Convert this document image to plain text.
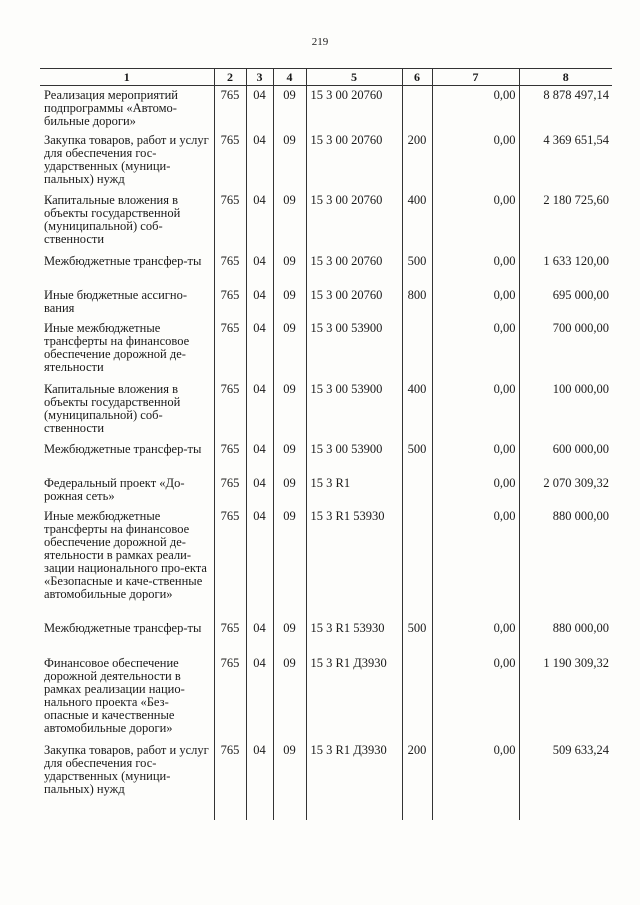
219
1	2	3	4	5	6	7	8
Реализация мероприятий подпрограммы «Автомо-бильные дороги»	765	04	09	15 3 00 20760		0,00	8 878 497,14
Закупка товаров, работ и услуг для обеспечения гос-ударственных (муници-пальных) нужд	765	04	09	15 3 00 20760	200	0,00	4 369 651,54
Капитальные вложения в объекты государственной (муниципальной) соб-ственности	765	04	09	15 3 00 20760	400	0,00	2 180 725,60
Межбюджетные трансфер-ты	765	04	09	15 3 00 20760	500	0,00	1 633 120,00
Иные бюджетные ассигно-вания	765	04	09	15 3 00 20760	800	0,00	695 000,00
Иные межбюджетные трансферты на финансовое обеспечение дорожной де-ятельности	765	04	09	15 3 00 53900		0,00	700 000,00
Капитальные вложения в объекты государственной (муниципальной) соб-ственности	765	04	09	15 3 00 53900	400	0,00	100 000,00
Межбюджетные трансфер-ты	765	04	09	15 3 00 53900	500	0,00	600 000,00
Федеральный проект «До-рожная сеть»	765	04	09	15 3 R1		0,00	2 070 309,32
Иные межбюджетные трансферты на финансовое обеспечение дорожной де-ятельности в рамках реали-зации национального про-екта «Безопасные и каче-ственные автомобильные дороги»	765	04	09	15 3 R1 53930		0,00	880 000,00
Межбюджетные трансфер-ты	765	04	09	15 3 R1 53930	500	0,00	880 000,00
Финансовое обеспечение дорожной деятельности в рамках реализации нацио-нального проекта «Без-опасные и качественные автомобильные дороги»	765	04	09	15 3 R1 Д3930		0,00	1 190 309,32
Закупка товаров, работ и услуг для обеспечения гос-ударственных (муници-пальных) нужд	765	04	09	15 3 R1 Д3930	200	0,00	509 633,24
